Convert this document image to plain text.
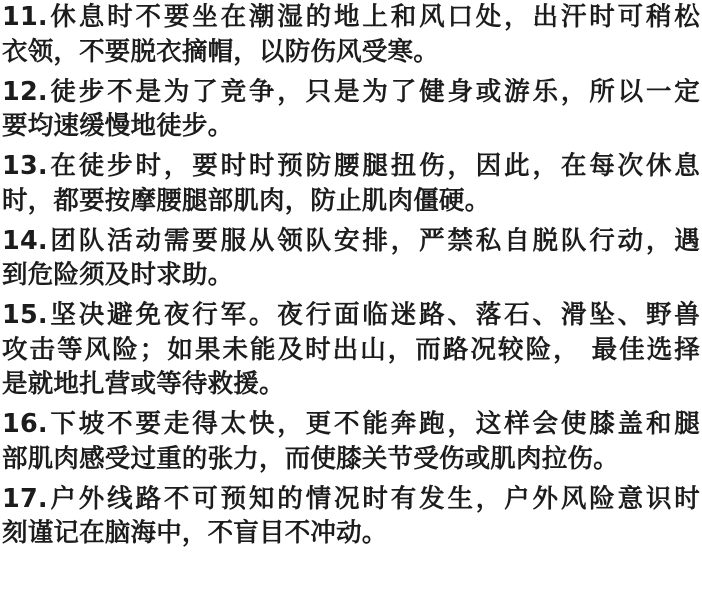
11.休息时不要坐在潮湿的地上和风口处，出汗时可稍松
衣领，不要脱衣摘帽，以防伤风受寒。
12.徒步不是为了竞争，只是为了健身或游乐，所以一定
要均速缓慢地徒步。
13.在徒步时，要时时预防腰腿扭伤，因此，在每次休息
时，都要按摩腰腿部肌肉，防止肌肉僵硬。
14.团队活动需要服从领队安排，严禁私自脱队行动，遇
到危险须及时求助。
15.坚决避免夜行军。夜行面临迷路、落石、滑坠、野兽
攻击等风险；如果未能及时出山，而路况较险， 最佳选择
是就地扎营或等待救援。
16.下坡不要走得太快，更不能奔跑，这样会使膝盖和腿
部肌肉感受过重的张力，而使膝关节受伤或肌肉拉伤。
17.户外线路不可预知的情况时有发生，户外风险意识时
刻谨记在脑海中，不盲目不冲动。
